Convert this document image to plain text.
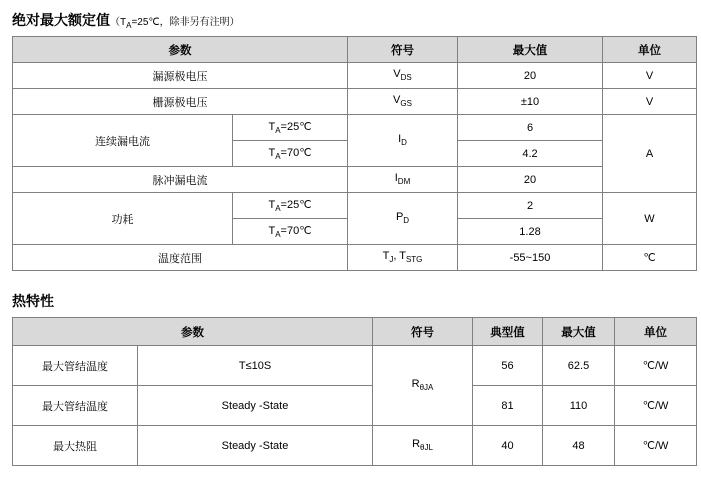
绝对最大额定值（$T_A=25℃$，除非另有注明）
参数		符号	最大值	单位
漏源极电压		$V_{DS}$	20	V
栅源极电压		$V_{GS}$	±10	V
连续漏电流	$T_A=25℃$	$I_D$	6	A
	$T_A=70℃$		4.2	
脉冲漏电流		$I_{DM}$	20	
功耗	$T_A=25℃$	$P_D$	2	W
	$T_A=70℃$		1.28	
温度范围		$T_J$, $T_{STG}$	-55~150	℃
热特性
参数		符号	典型值	最大值	单位
最大管结温度	T≤10S	$R_{\theta JA}$	56	62.5	℃/W
最大管结温度	Steady -State		81	110	℃/W
最大热阻	Steady -State	$R_{\theta JL}$	40	48	℃/W
